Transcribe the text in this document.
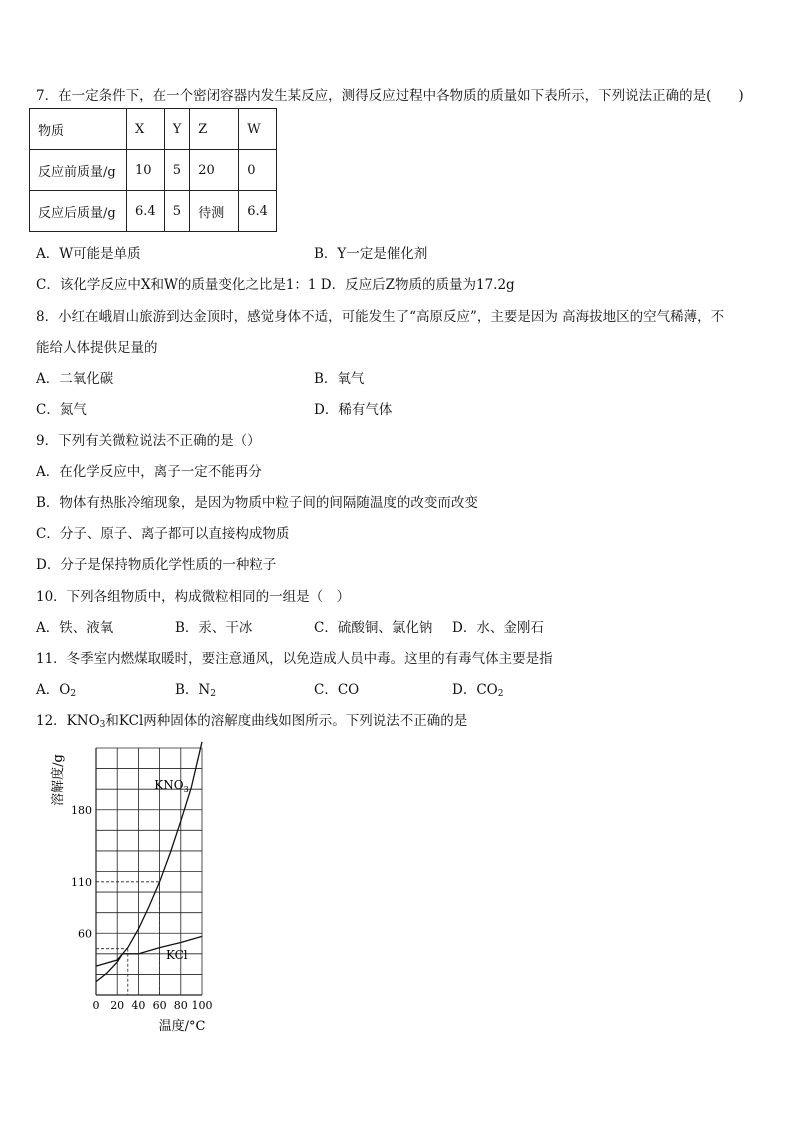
7．在一定条件下，在一个密闭容器内发生某反应，测得反应过程中各物质的质量如下表所示，下列说法正确的是(　　)
物质	X	Y	Z	W
反应前质量/g	10	5	20	0
反应后质量/g	6.4	5	待测	6.4
A．W可能是单质	B．Y一定是催化剂
C．该化学反应中X和W的质量变化之比是1：1 D．反应后Z物质的质量为17.2g
8．小红在峨眉山旅游到达金顶时，感觉身体不适，可能发生了“高原反应”，主要是因为 高海拔地区的空气稀薄，不
能给人体提供足量的
A．二氧化碳	B．氧气
C．氮气	D．稀有气体
9．下列有关微粒说法不正确的是（）
A．在化学反应中，离子一定不能再分
B．物体有热胀冷缩现象，是因为物质中粒子间的间隔随温度的改变而改变
C．分子、原子、离子都可以直接构成物质
D．分子是保持物质化学性质的一种粒子
10．下列各组物质中，构成微粒相同的一组是（　）
A．铁、液氧	B．汞、干冰	C．硫酸铜、氯化钠 D．水、金刚石
11．冬季室内燃煤取暖时，要注意通风，以免造成人员中毒。这里的有毒气体主要是指
A．$O_2$	B．$N_2$	C．CO	D．$CO_2$
12．$KNO_3$和KCl两种固体的溶解度曲线如图所示。下列说法不正确的是
0 20 40 60 80 100
60
110
180
$KNO_3$
KCl
溶解度/g
温度/°C
